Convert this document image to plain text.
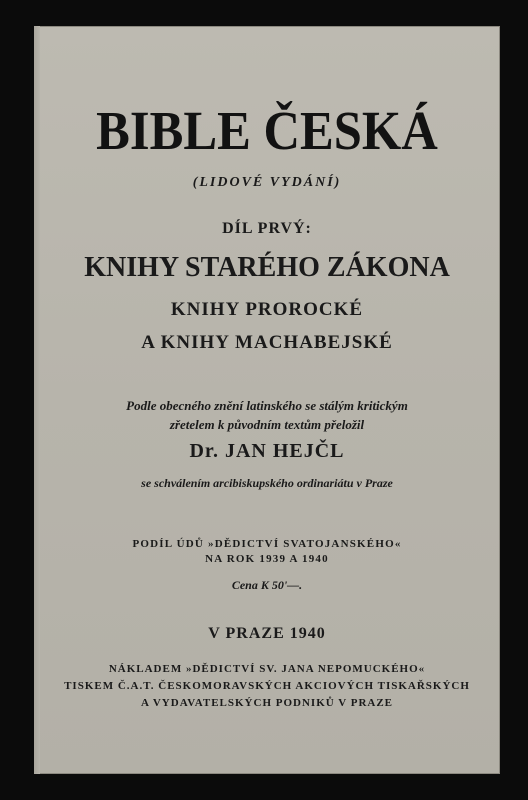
BIBLE ČESKÁ
(LIDOVÉ VYDÁNÍ)
DÍL PRVÝ:
KNIHY STARÉHO ZÁKONA
KNIHY PROROCKÉ
A KNIHY MACHABEJSKÉ
Podle obecného znění latinského se stálým kritickým
zřetelem k původním textům přeložil
Dr. JAN HEJČL
se schválením arcibiskupského ordinariátu v Praze
PODÍL ÚDŮ »DĚDICTVÍ SVATOJANSKÉHO«
NA ROK 1939 A 1940
Cena K 50'—.
V PRAZE 1940
NÁKLADEM »DĚDICTVÍ SV. JANA NEPOMUCKÉHO«
TISKEM Č.A.T. ČESKOMORAVSKÝCH AKCIOVÝCH TISKAŘSKÝCH
A VYDAVATELSKÝCH PODNIKŮ V PRAZE
